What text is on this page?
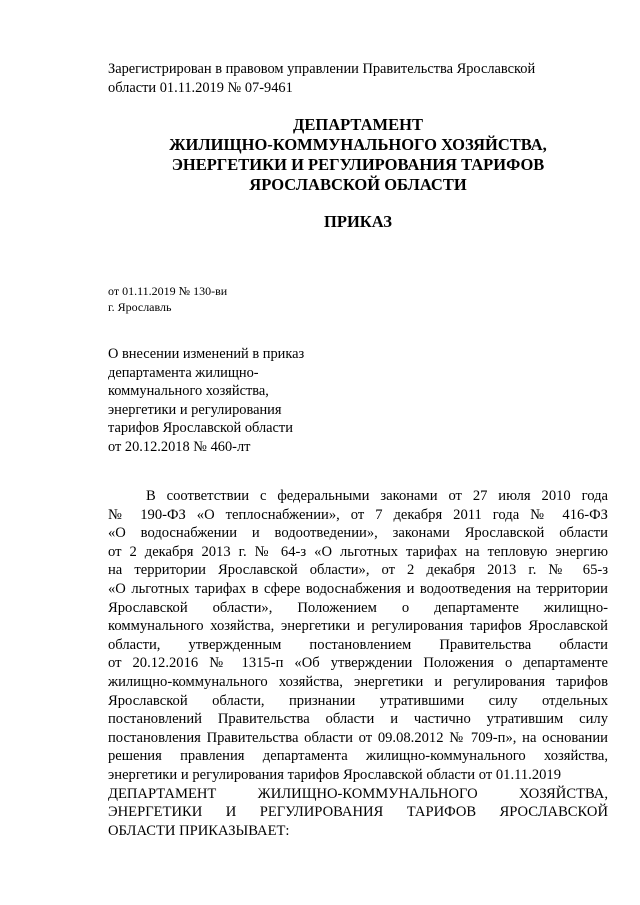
Зарегистрирован в правовом управлении Правительства Ярославской
области 01.11.2019 № 07-9461
ДЕПАРТАМЕНТ
ЖИЛИЩНО-КОММУНАЛЬНОГО ХОЗЯЙСТВА,
ЭНЕРГЕТИКИ И РЕГУЛИРОВАНИЯ ТАРИФОВ
ЯРОСЛАВСКОЙ ОБЛАСТИ
ПРИКАЗ
от 01.11.2019 № 130-ви
г. Ярославль
О внесении изменений в приказ
департамента жилищно-
коммунального хозяйства,
энергетики и регулирования
тарифов Ярославской области
от 20.12.2018 № 460-лт
В соответствии с федеральными законами от 27 июля 2010 года
№ 190-ФЗ «О теплоснабжении», от 7 декабря 2011 года № 416-ФЗ
«О водоснабжении и водоотведении», законами Ярославской области
от 2 декабря 2013 г. № 64-з «О льготных тарифах на тепловую энергию
на территории Ярославской области», от 2 декабря 2013 г. № 65-з
«О льготных тарифах в сфере водоснабжения и водоотведения на территории
Ярославской области», Положением о департаменте жилищно-
коммунального хозяйства, энергетики и регулирования тарифов Ярославской
области, утвержденным постановлением Правительства области
от 20.12.2016 № 1315-п «Об утверждении Положения о департаменте
жилищно-коммунального хозяйства, энергетики и регулирования тарифов
Ярославской области, признании утратившими силу отдельных
постановлений Правительства области и частично утратившим силу
постановления Правительства области от 09.08.2012 № 709-п», на основании
решения правления департамента жилищно-коммунального хозяйства,
энергетики и регулирования тарифов Ярославской области от 01.11.2019
ДЕПАРТАМЕНТ ЖИЛИЩНО-КОММУНАЛЬНОГО ХОЗЯЙСТВА,
ЭНЕРГЕТИКИ И РЕГУЛИРОВАНИЯ ТАРИФОВ ЯРОСЛАВСКОЙ
ОБЛАСТИ ПРИКАЗЫВАЕТ:
